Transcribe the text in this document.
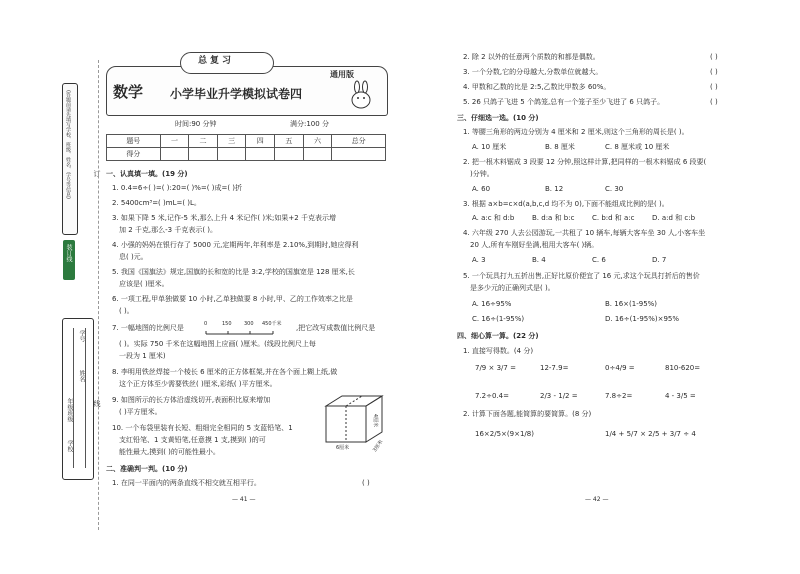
(答题前请先填写学校、班级、姓名、学号等信息)
装订线
订
线
学校
年级班级
姓名
学号
总复习
数学 小学毕业升学模拟试卷四
通用版
时间:90 分钟	满分:100 分
题号	一	二	三	四	五	六	总分
得分							
一、认真填一填。(19 分)
1. 0.4=6÷( )=( ):20=( )%=( )成=( )折
2. 5400cm³=( )mL=( )L。
3. 如果下降 5 米,记作-5 米,那么上升 4 米记作( )米;如果+2 千克表示增
加 2 千克,那么-3 千克表示( )。
4. 小强的妈妈在银行存了 5000 元,定期两年,年利率是 2.10%,到期时,她应得利
息( )元。
5. 我国《国旗法》规定,国旗的长和宽的比是 3:2,学校的国旗宽是 128 厘米,长
应该是( )厘米。
6. 一项工程,甲单独做要 10 小时,乙单独做要 8 小时,甲、乙的工作效率之比是
( )。
7. 一幅地图的比例尺是	0	150 300 450千米 ,把它改写成数值比例尺是
( )。实际 750 千米在这幅地图上应画( )厘米。(线段比例尺上每
一段为 1 厘米)
8. 李明用铁丝焊接一个棱长 6 厘米的正方体框架,并在各个面上糊上纸,做
这个正方体至少需要铁丝( )厘米,彩纸( )平方厘米。
9. 如图所示的长方体沿虚线切开,表面积比原来增加
( )平方厘米。
10. 一个布袋里装有长短、粗细完全相同的 5 支蓝铅笔、1
支红铅笔、1 支黄铅笔,任意摸 1 支,摸到( )的可
能性最大,摸到( )的可能性最小。
4厘米
6厘米	3厘米
二、准确判一判。(10 分)
1. 在同一平面内的两条直线不相交就互相平行。	( )
— 41 —
2. 除 2 以外的任意两个质数的和都是偶数。	( )
3. 一个分数,它的分母越大,分数单位就越大。	( )
4. 甲数和乙数的比是 2:5,乙数比甲数多 60%。	( )
5. 26 只鸽子飞进 5 个鸽笼,总有一个笼子至少飞进了 6 只鸽子。	( )
三、仔细选一选。(10 分)
1. 等腰三角形的两边分别为 4 厘米和 2 厘米,则这个三角形的周长是( )。
A. 10 厘米	B. 8 厘米	C. 8 厘米或 10 厘米
2. 把一根木料锯成 3 段要 12 分钟,照这样计算,把同样的一根木料锯成 6 段要(
)分钟。
A. 60	B. 12	C. 30
3. 根据 a×b=c×d(a,b,c,d 均不为 0),下面不能组成比例的是( )。
A. a:c 和 d:b	B. d:a 和 b:c	C. b:d 和 a:c D. a:d 和 c:b
4. 六年级 270 人去公园游玩,一共租了 10 辆车,每辆大客车坐 30 人,小客车坐
20 人,所有车刚好坐满,租用大客车( )辆。
A. 3	B. 4	C. 6	D. 7
5. 一个玩具打九五折出售,正好比原价便宜了 16 元,求这个玩具打折后的售价
是多少元的正确列式是( )。
A. 16÷95%	B. 16×(1-95%)
C. 16÷(1-95%)	D. 16÷(1-95%)×95%
四、细心算一算。(22 分)
1. 直接写得数。(4 分)
7/9 × 3/7 =	12-7.9=	0÷4/9 =	810-620=
7.2÷0.4=	2/3 - 1/2 =	7.8÷2=	4 - 3/5 =
2. 计算下面各题,能简算的要简算。(8 分)
16×2/5×(9×1/8)	1/4 + 5/7 × 2/5 + 3/7 ÷ 4
— 42 —
